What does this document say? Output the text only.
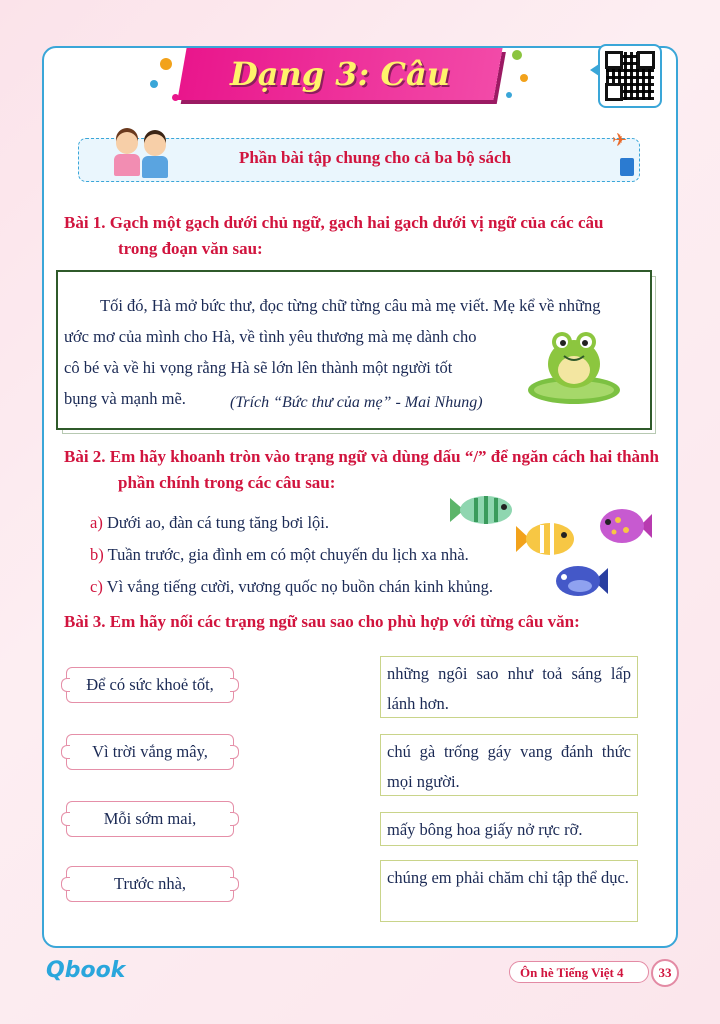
Dạng 3: Câu
Phần bài tập chung cho cả ba bộ sách
✈
Bài 1. Gạch một gạch dưới chủ ngữ, gạch hai gạch dưới vị ngữ của các câu
trong đoạn văn sau:
Tối đó, Hà mở bức thư, đọc từng chữ từng câu mà mẹ viết. Mẹ kể về những
ước mơ của mình cho Hà, về tình yêu thương mà mẹ dành cho
cô bé và về hi vọng rằng Hà sẽ lớn lên thành một người tốt
bụng và mạnh mẽ.	(Trích “Bức thư của mẹ” - Mai Nhung)
Bài 2. Em hãy khoanh tròn vào trạng ngữ và dùng dấu “/” để ngăn cách hai thành
phần chính trong các câu sau:
a) Dưới ao, đàn cá tung tăng bơi lội.
b) Tuần trước, gia đình em có một chuyến du lịch xa nhà.
c) Vì vắng tiếng cười, vương quốc nọ buồn chán kinh khủng.
Bài 3. Em hãy nối các trạng ngữ sau sao cho phù hợp với từng câu văn:
Để có sức khoẻ tốt,
Vì trời vắng mây,
Mỗi sớm mai,
Trước nhà,
những ngôi sao như toả sáng lấp lánh hơn.
chú gà trống gáy vang đánh thức mọi người.
mấy bông hoa giấy nở rực rỡ.
chúng em phải chăm chỉ tập thể dục.
Qbook	Ôn hè Tiếng Việt 4	33
